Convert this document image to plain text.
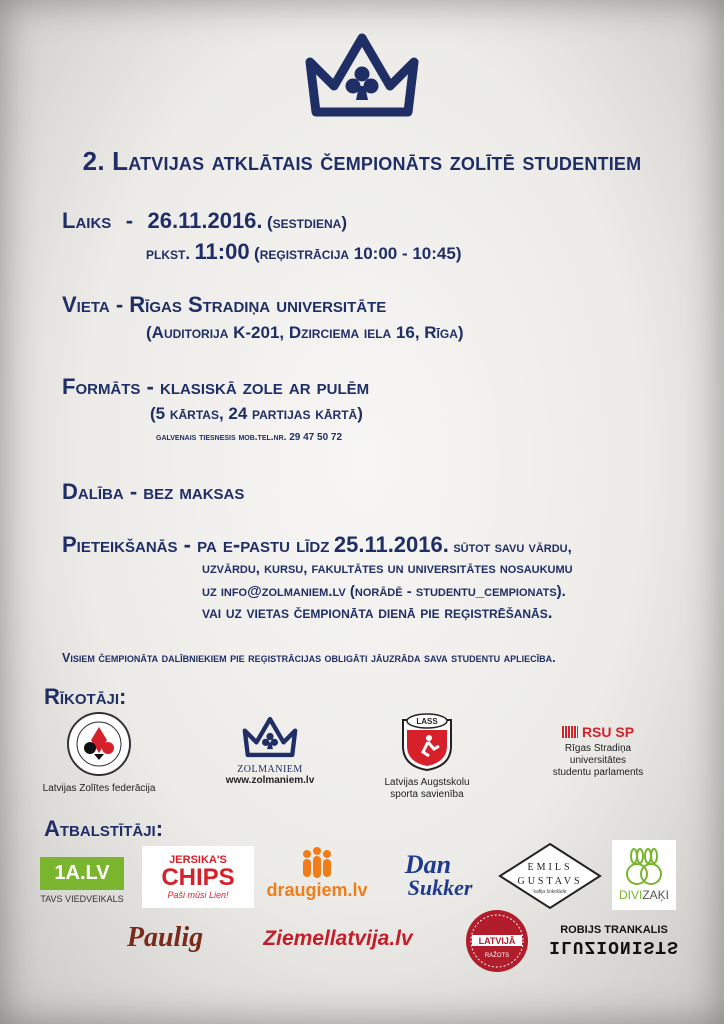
2. Latvijas atklātais čempionāts zolītē studentiem
Laiks - 26.11.2016. (sestdiena)
plkst. 11:00 (reģistrācija 10:00 - 10:45)
Vieta - Rīgas Stradiņa universitāte
(Auditorija K-201, Dzirciema iela 16, Rīga)
Formāts - klasiskā zole ar pulēm
(5 kārtas, 24 partijas kārtā)
galvenais tiesnesis mob.tel.nr. 29 47 50 72
Dalība - bez maksas
Pieteikšanās - pa e-pastu līdz 25.11.2016. sūtot savu vārdu,
uzvārdu, kursu, fakultātes un universitātes nosaukumu
uz info@zolmaniem.lv (norādē - studentu_cempionats).
vai uz vietas čempionāta dienā pie reģistrēšanās.
Visiem čempionāta dalībniekiem pie reģistrācijas obligāti jāuzrāda sava studentu apliecība.
Rīkotāji:
Latvijas Zolītes federācija
ZOLMANIEM
www.zolmaniem.lv
LASS
Latvijas Augstskolu
sporta savienība
RSU SP
Rīgas Stradiņa
universitātes
studentu parlaments
Atbalstītāji:
1A.LV
TAVS VIEDVEIKALS
JERSIKA'S
CHIPS
Paši mūsi Lien! draugiem.lv
Dan
Sukker
EMILS
GUSTAVS
kafija šokolāde	DIVIZAĶI
Paulig	Ziemellatvija.lv	LATVIJĀ
RAŽOTS
ROBIJS TRANKALIS
ILUZIONISTS
